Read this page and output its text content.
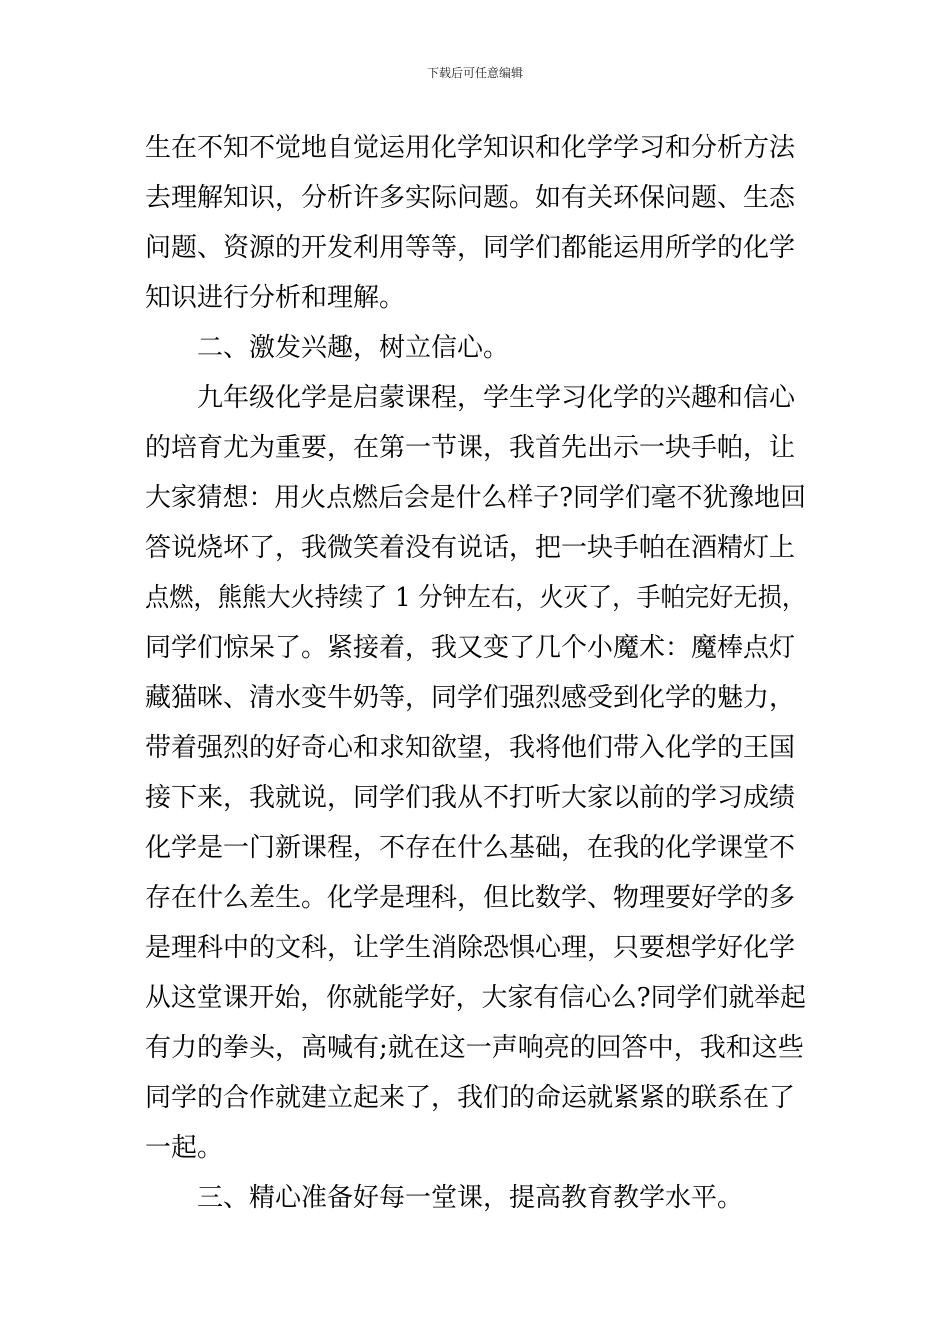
下载后可任意编辑
生在不知不觉地自觉运用化学知识和化学学习和分析方法
去理解知识，分析许多实际问题。如有关环保问题、生态
问题、资源的开发利用等等，同学们都能运用所学的化学
知识进行分析和理解。
二、激发兴趣，树立信心。
九年级化学是启蒙课程，学生学习化学的兴趣和信心
的培育尤为重要，在第一节课，我首先出示一块手帕，让
大家猜想：用火点燃后会是什么样子?同学们毫不犹豫地回
答说烧坏了，我微笑着没有说话，把一块手帕在酒精灯上
点燃，熊熊大火持续了 1 分钟左右，火灭了，手帕完好无损，
同学们惊呆了。紧接着，我又变了几个小魔术：魔棒点灯
藏猫咪、清水变牛奶等，同学们强烈感受到化学的魅力，
带着强烈的好奇心和求知欲望，我将他们带入化学的王国
接下来，我就说，同学们我从不打听大家以前的学习成绩
化学是一门新课程，不存在什么基础，在我的化学课堂不
存在什么差生。化学是理科，但比数学、物理要好学的多
是理科中的文科，让学生消除恐惧心理，只要想学好化学
从这堂课开始，你就能学好，大家有信心么?同学们就举起
有力的拳头，高喊有;就在这一声响亮的回答中，我和这些
同学的合作就建立起来了，我们的命运就紧紧的联系在了
一起。
三、精心准备好每一堂课，提高教育教学水平。
